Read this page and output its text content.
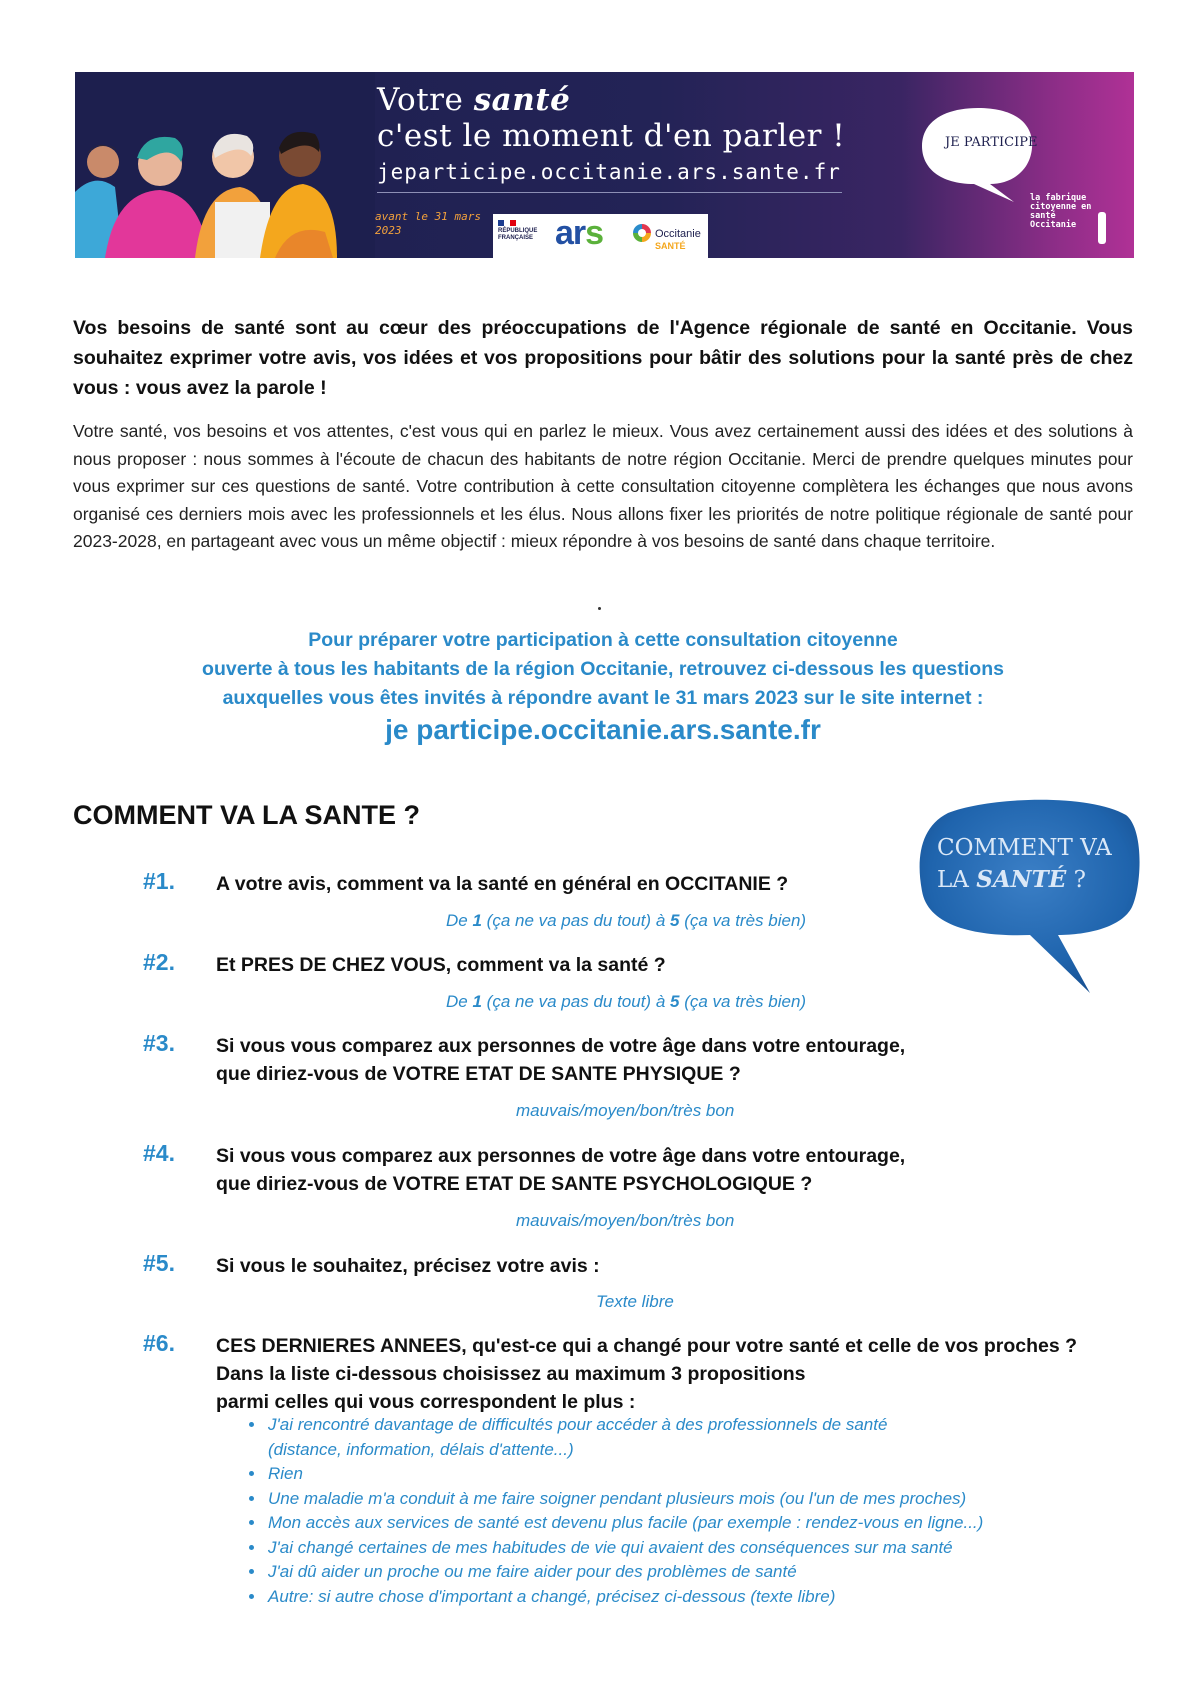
Votre santé
c'est le moment d'en parler !
jeparticipe.occitanie.ars.sante.fr
avant le 31 mars 2023	RÉPUBLIQUE FRANÇAISE ars	Occitanie
SANTÉ
JE PARTICIPE
la fabrique citoyenne en santé Occitanie
Vos besoins de santé sont au cœur des préoccupations de l'Agence régionale de santé en Occitanie. Vous souhaitez exprimer votre avis, vos idées et vos propositions pour bâtir des solutions pour la santé près de chez vous : vous avez la parole !
Votre santé, vos besoins et vos attentes, c'est vous qui en parlez le mieux. Vous avez certainement aussi des idées et des solutions à nous proposer : nous sommes à l'écoute de chacun des habitants de notre région Occitanie. Merci de prendre quelques minutes pour vous exprimer sur ces questions de santé. Votre contribution à cette consultation citoyenne complètera les échanges que nous avons organisé ces derniers mois avec les professionnels et les élus. Nous allons fixer les priorités de notre politique régionale de santé pour 2023-2028, en partageant avec vous un même objectif : mieux répondre à vos besoins de santé dans chaque territoire.
Pour préparer votre participation à cette consultation citoyenne
ouverte à tous les habitants de la région Occitanie, retrouvez ci-dessous les questions
auxquelles vous êtes invités à répondre avant le 31 mars 2023 sur le site internet :
je participe.occitanie.ars.sante.fr
COMMENT VA LA SANTE ?
COMMENT VA
LA SANTÉ ?
#1. A votre avis, comment va la santé en général en OCCITANIE ?
De 1 (ça ne va pas du tout) à 5 (ça va très bien)
#2. Et PRES DE CHEZ VOUS, comment va la santé ?
De 1 (ça ne va pas du tout) à 5 (ça va très bien)
#3. Si vous vous comparez aux personnes de votre âge dans votre entourage,
que diriez-vous de VOTRE ETAT DE SANTE PHYSIQUE ?
mauvais/moyen/bon/très bon
#4. Si vous vous comparez aux personnes de votre âge dans votre entourage,
que diriez-vous de VOTRE ETAT DE SANTE PSYCHOLOGIQUE ?
mauvais/moyen/bon/très bon
#5. Si vous le souhaitez, précisez votre avis :
Texte libre
#6. CES DERNIERES ANNEES, qu'est-ce qui a changé pour votre santé et celle de vos proches ?
Dans la liste ci-dessous choisissez au maximum 3 propositions
parmi celles qui vous correspondent le plus :
• J'ai rencontré davantage de difficultés pour accéder à des professionnels de santé
(distance, information, délais d'attente...)
• Rien
• Une maladie m'a conduit à me faire soigner pendant plusieurs mois (ou l'un de mes proches)
• Mon accès aux services de santé est devenu plus facile (par exemple : rendez-vous en ligne...)
• J'ai changé certaines de mes habitudes de vie qui avaient des conséquences sur ma santé
• J'ai dû aider un proche ou me faire aider pour des problèmes de santé
• Autre: si autre chose d'important a changé, précisez ci-dessous (texte libre)
